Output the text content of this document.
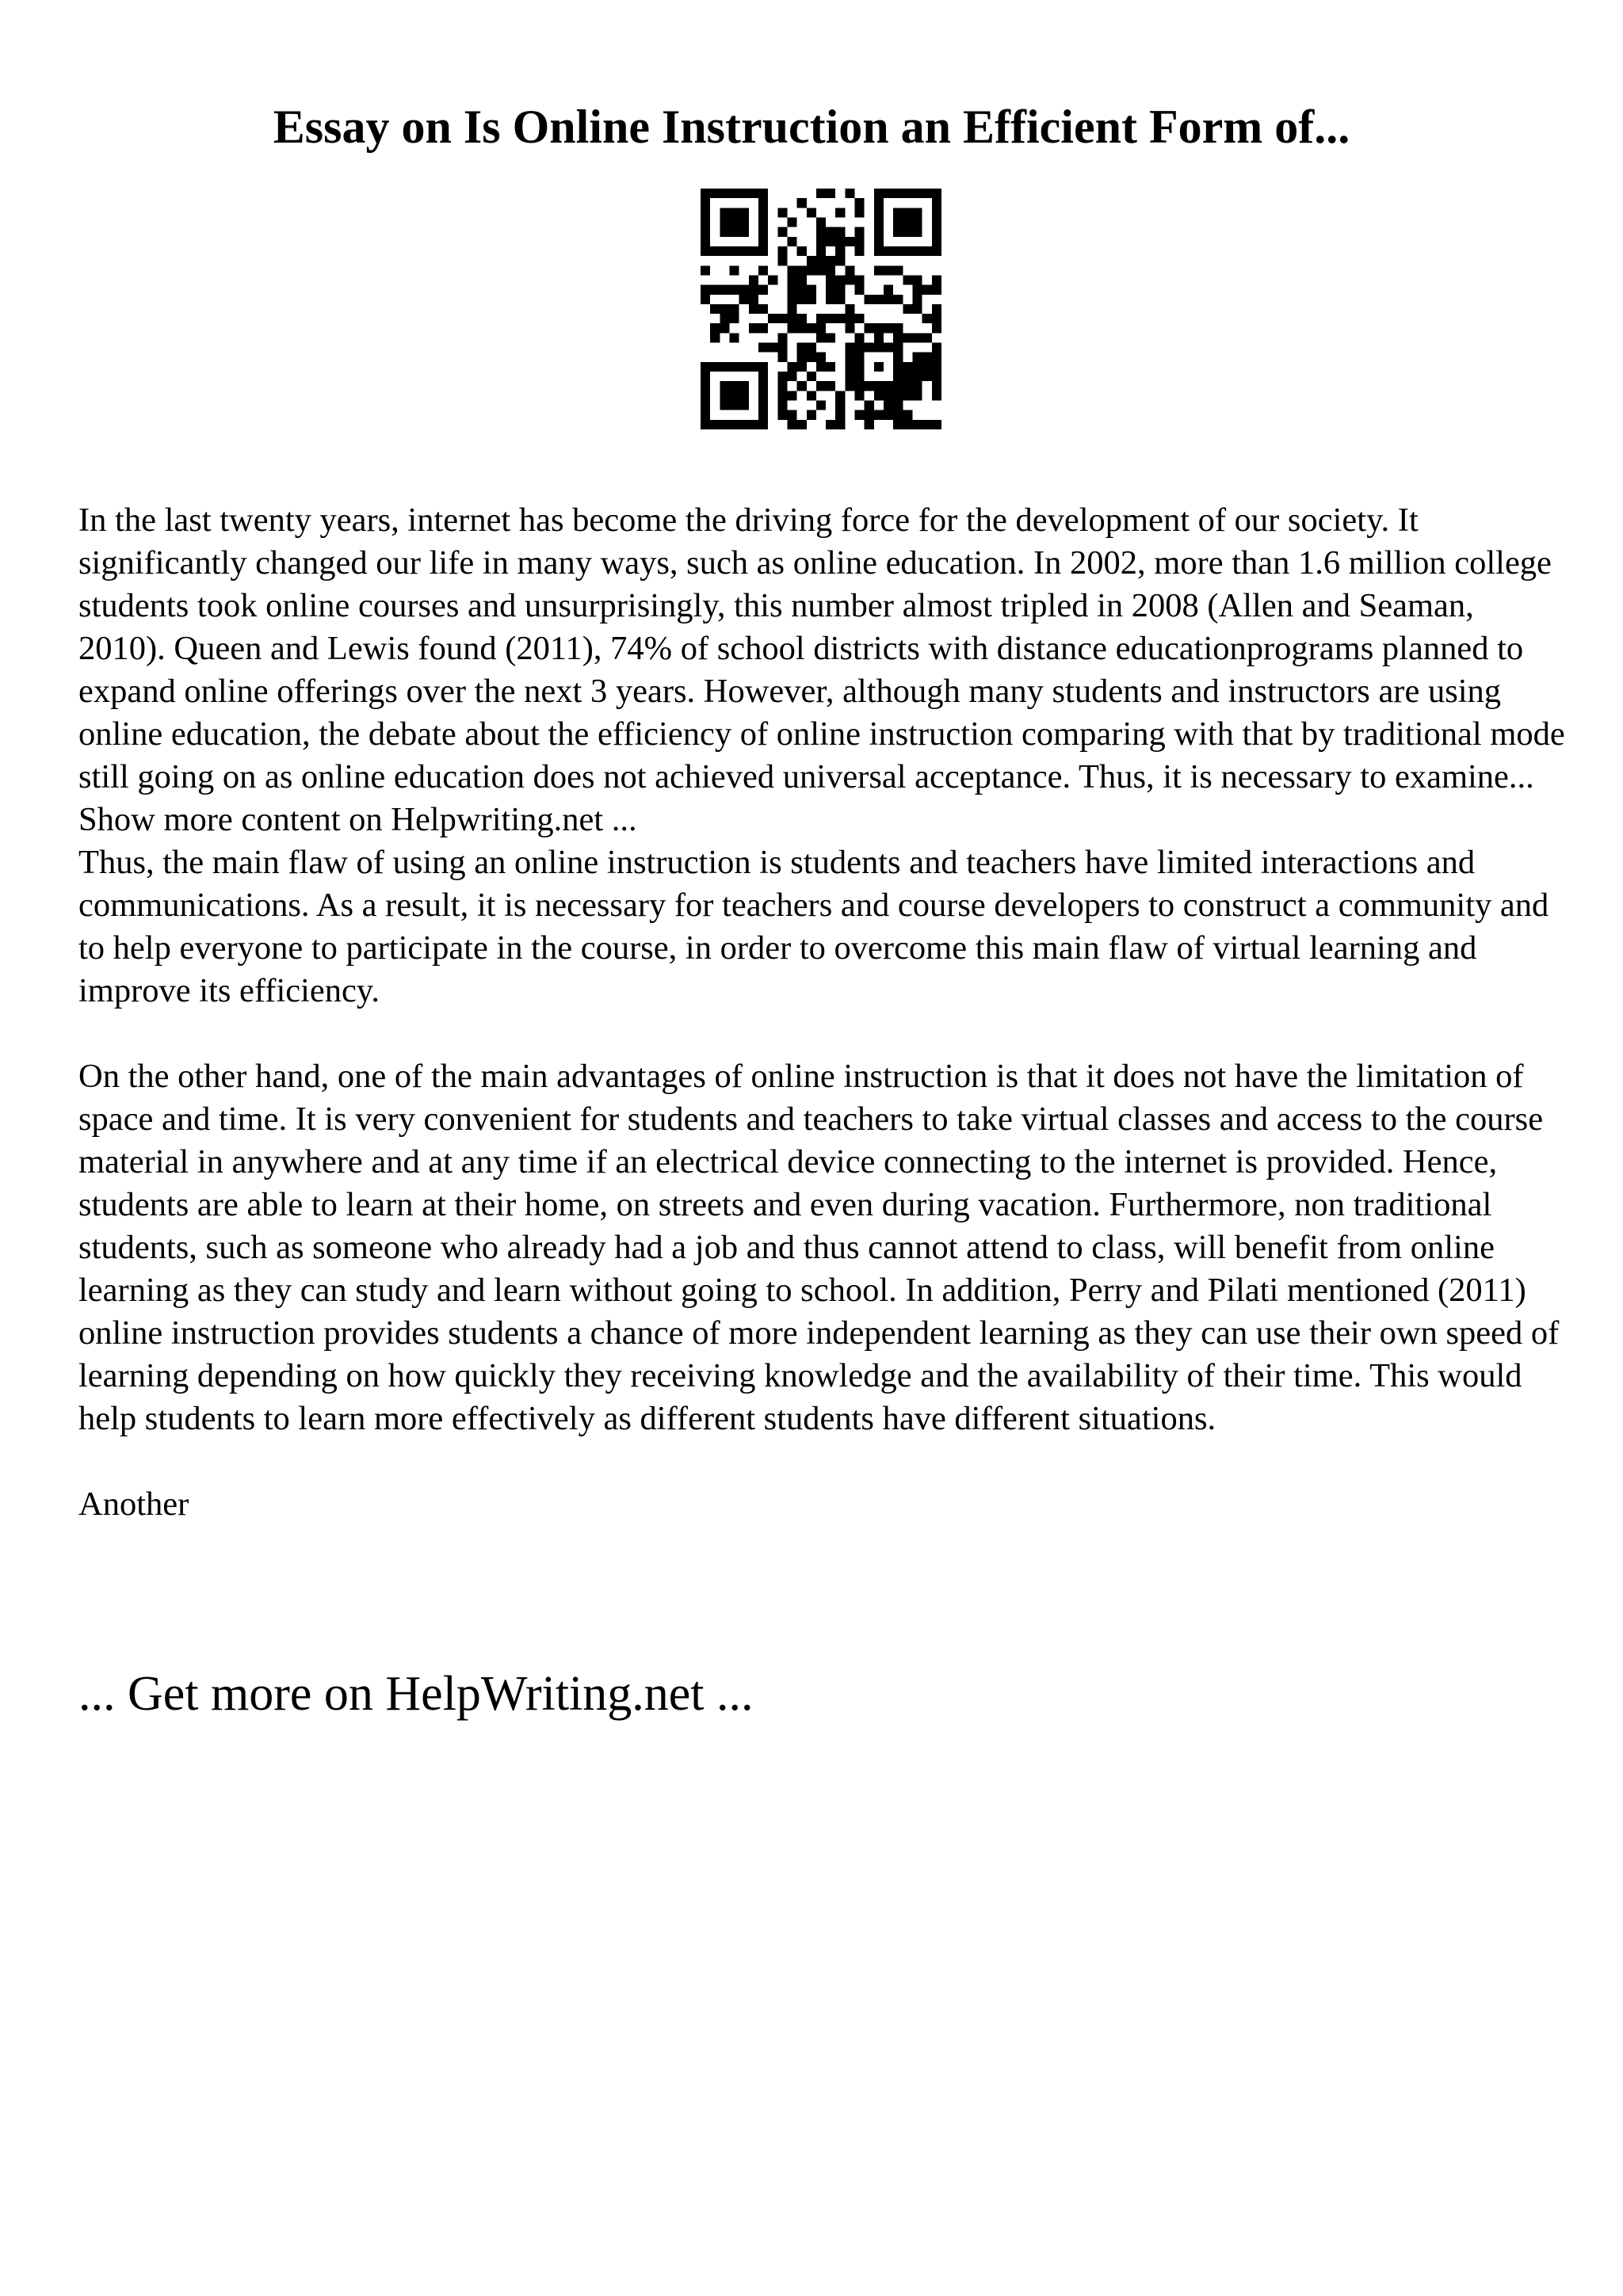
Essay on Is Online Instruction an Efficient Form of...

In the last twenty years, internet has become the driving force for the development of our society. It significantly changed our life in many ways, such as online education. In 2002, more than 1.6 million college students took online courses and unsurprisingly, this number almost tripled in 2008 (Allen and Seaman, 2010). Queen and Lewis found (2011), 74% of school districts with distance educationprograms planned to expand online offerings over the next 3 years. However, although many students and instructors are using online education, the debate about the efficiency of online instruction comparing with that by traditional mode still going on as online education does not achieved universal acceptance. Thus, it is necessary to examine... Show more content on Helpwriting.net ...

Thus, the main flaw of using an online instruction is students and teachers have limited interactions and communications. As a result, it is necessary for teachers and course developers to construct a community and to help everyone to participate in the course, in order to overcome this main flaw of virtual learning and improve its efficiency.

On the other hand, one of the main advantages of online instruction is that it does not have the limitation of space and time. It is very convenient for students and teachers to take virtual classes and access to the course material in anywhere and at any time if an electrical device connecting to the internet is provided. Hence, students are able to learn at their home, on streets and even during vacation. Furthermore, non traditional students, such as someone who already had a job and thus cannot attend to class, will benefit from online learning as they can study and learn without going to school. In addition, Perry and Pilati mentioned (2011) online instruction provides students a chance of more independent learning as they can use their own speed of learning depending on how quickly they receiving knowledge and the availability of their time. This would help students to learn more effectively as different students have different situations.

Another

... Get more on HelpWriting.net ...
